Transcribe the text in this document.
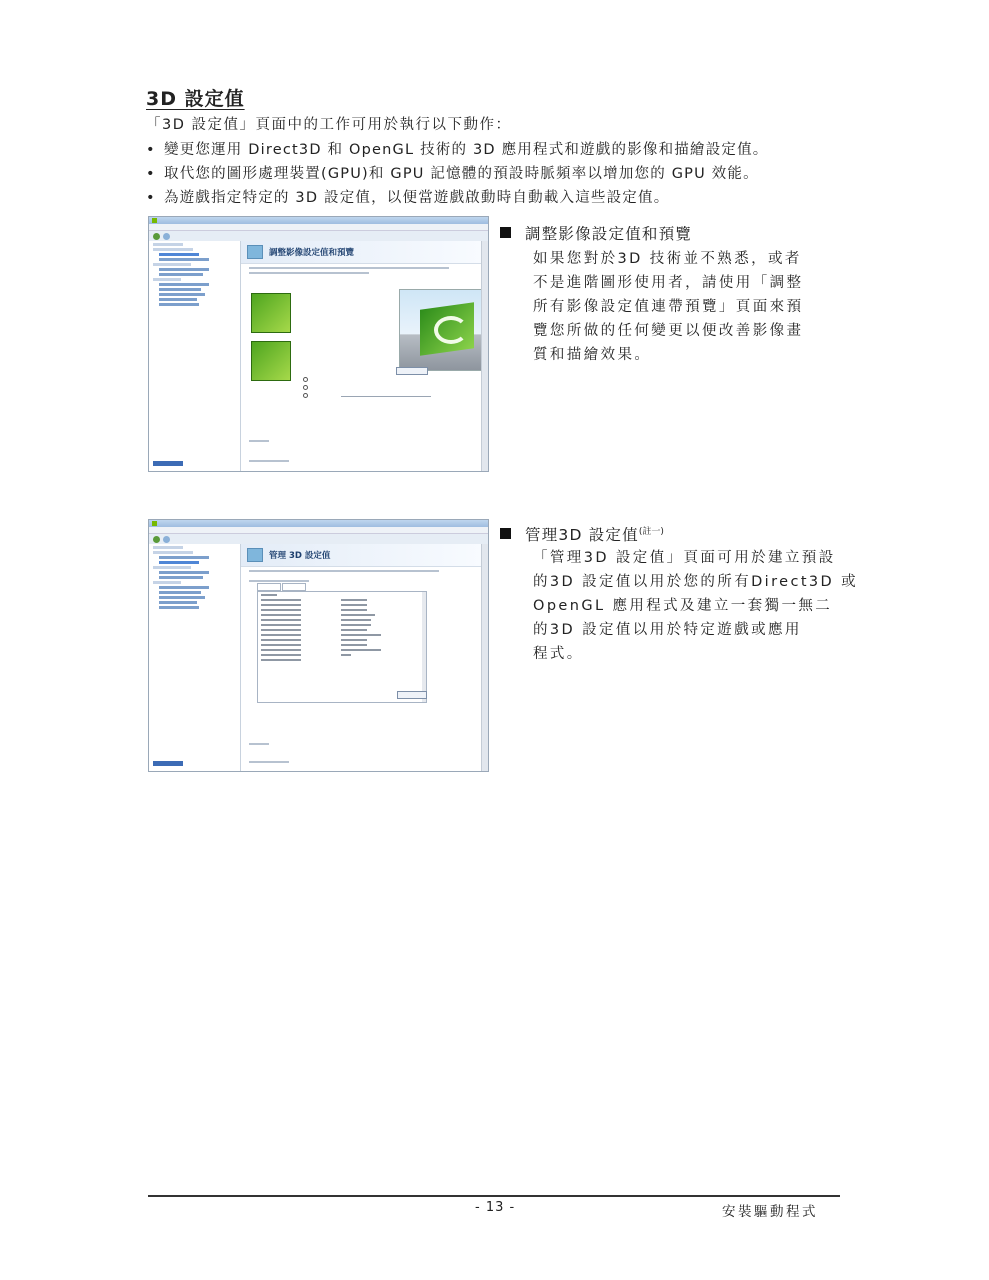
3D 設定值
「3D 設定值」頁面中的工作可用於執行以下動作：
• 變更您運用 Direct3D 和 OpenGL 技術的 3D 應用程式和遊戲的影像和描繪設定值。
• 取代您的圖形處理裝置(GPU)和 GPU 記憶體的預設時脈頻率以增加您的 GPU 效能。
• 為遊戲指定特定的 3D 設定值，以便當遊戲啟動時自動載入這些設定值。
調整影像設定值和預覽
調整影像設定值和預覽
如果您對於3D 技術並不熟悉，或者
不是進階圖形使用者，請使用「調整
所有影像設定值連帶預覽」頁面來預
覽您所做的任何變更以便改善影像畫
質和描繪效果。
管理 3D 設定值
管理3D 設定值$^{(註一)}$
「管理3D 設定值」頁面可用於建立預設
的3D 設定值以用於您的所有Direct3D 或
OpenGL 應用程式及建立一套獨一無二
的3D 設定值以用於特定遊戲或應用
程式。
- 13 -	安裝驅動程式
